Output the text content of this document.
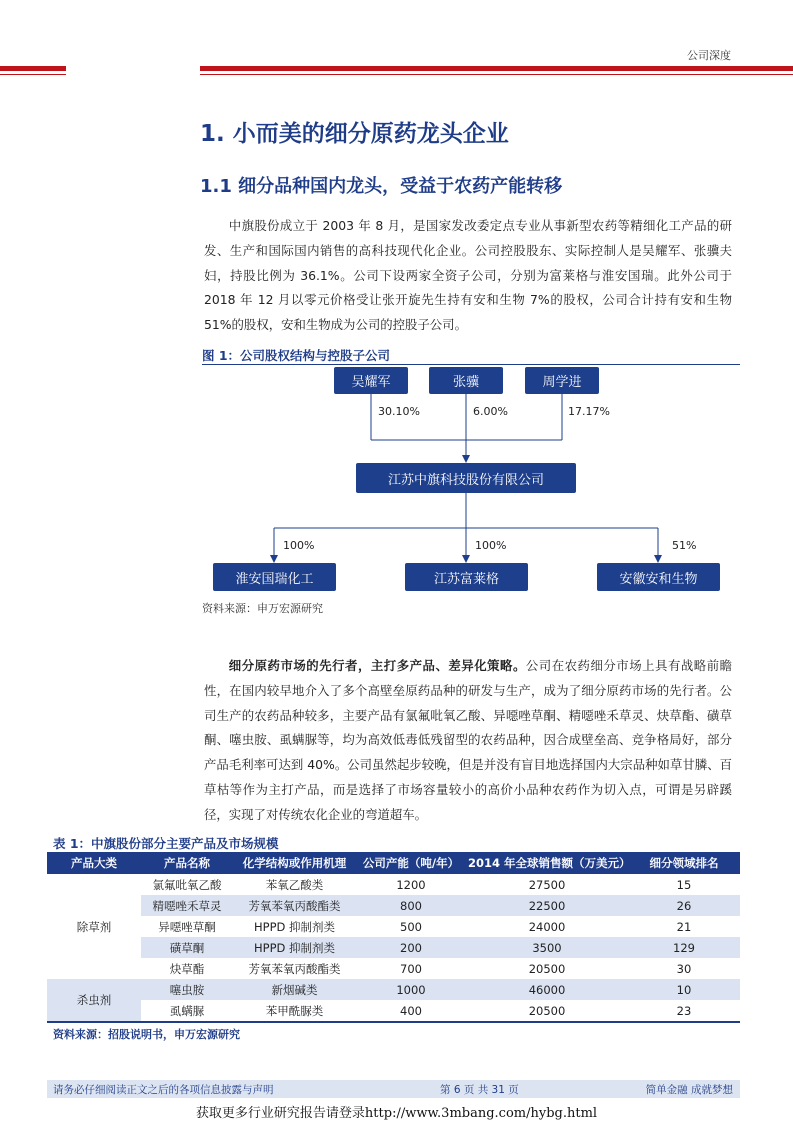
公司深度
1. 小而美的细分原药龙头企业
1.1 细分品种国内龙头，受益于农药产能转移
中旗股份成立于 2003 年 8 月，是国家发改委定点专业从事新型农药等精细化工产品的研发、生产和国际国内销售的高科技现代化企业。公司控股股东、实际控制人是吴耀军、张骥夫妇，持股比例为 36.1%。公司下设两家全资子公司，分别为富莱格与淮安国瑞。此外公司于 2018 年 12 月以零元价格受让张开旋先生持有安和生物 7%的股权，公司合计持有安和生物 51%的股权，安和生物成为公司的控股子公司。
图 1：公司股权结构与控股子公司
吴耀军	张骥	周学进
30.10%	6.00%	17.17%
江苏中旗科技股份有限公司
100%	100%	51%
淮安国瑞化工	江苏富莱格	安徽安和生物
资料来源：申万宏源研究
细分原药市场的先行者，主打多产品、差异化策略。公司在农药细分市场上具有战略前瞻性，在国内较早地介入了多个高壁垒原药品种的研发与生产，成为了细分原药市场的先行者。公司生产的农药品种较多，主要产品有氯氟吡氧乙酸、异噁唑草酮、精噁唑禾草灵、炔草酯、磺草酮、噻虫胺、虱螨脲等，均为高效低毒低残留型的农药品种，因合成壁垒高、竞争格局好，部分产品毛利率可达到 40%。公司虽然起步较晚，但是并没有盲目地选择国内大宗品种如草甘膦、百草枯等作为主打产品，而是选择了市场容量较小的高价小品种农药作为切入点，可谓是另辟蹊径，实现了对传统农化企业的弯道超车。
表 1：中旗股份部分主要产品及市场规模
产品大类	产品名称	化学结构或作用机理	公司产能（吨/年）	2014 年全球销售额（万美元）	细分领域排名
除草剂	氯氟吡氧乙酸	苯氧乙酸类	1200	27500	15
	精噁唑禾草灵	芳氧苯氧丙酸酯类	800	22500	26
	异噁唑草酮	HPPD 抑制剂类	500	24000	21
	磺草酮	HPPD 抑制剂类	200	3500	129
	炔草酯	芳氧苯氧丙酸酯类	700	20500	30
杀虫剂	噻虫胺	新烟碱类	1000	46000	10
	虱螨脲	苯甲酰脲类	400	20500	23
资料来源：招股说明书，申万宏源研究
请务必仔细阅读正文之后的各项信息披露与声明	第 6 页 共 31 页	简单金融 成就梦想
获取更多行业研究报告请登录http://www.3mbang.com/hybg.html
